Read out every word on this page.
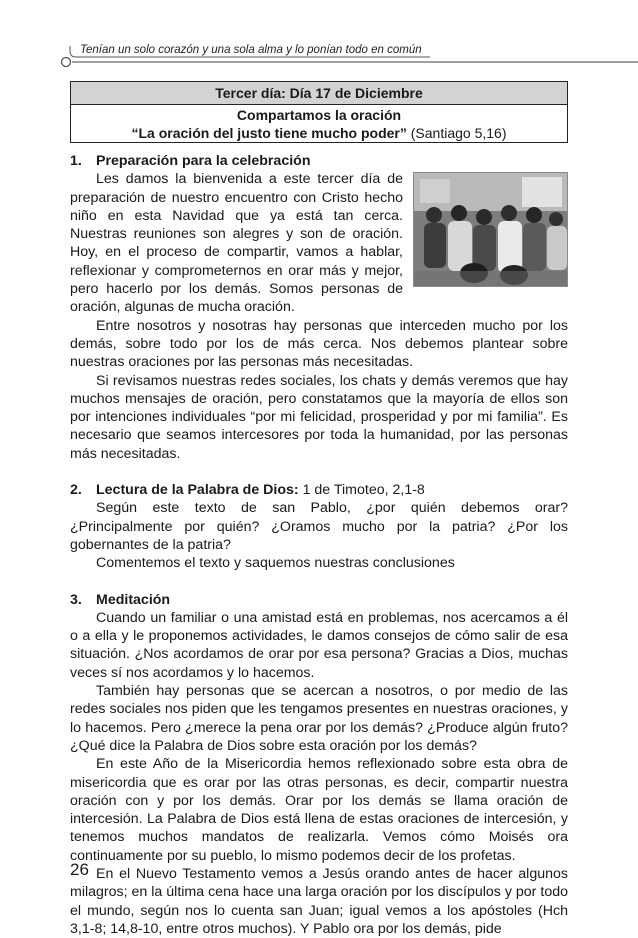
Tenían un solo corazón y una sola alma y lo ponían todo en común
Tercer día: Día 17 de Diciembre
Compartamos la oración
“La oración del justo tiene mucho poder” (Santiago 5,16)
1. Preparación para la celebración

Les damos la bienvenida a este tercer día de preparación de nuestro encuentro con Cristo hecho niño en esta Navidad que ya está tan cerca. Nuestras reuniones son alegres y son de oración. Hoy, en el proceso de compartir, vamos a hablar, reflexionar y comprometernos en orar más y mejor, pero hacerlo por los demás. Somos personas de oración, algunas de mucha oración.

Entre nosotros y nosotras hay personas que interceden mucho por los demás, sobre todo por los de más cerca. Nos debemos plantear sobre nuestras oraciones por las personas más necesitadas.

Si revisamos nuestras redes sociales, los chats y demás veremos que hay muchos mensajes de oración, pero constatamos que la mayoría de ellos son por intenciones individuales “por mi felicidad, prosperidad y por mi familia”. Es necesario que seamos intercesores por toda la humanidad, por las personas más necesitadas.

2. Lectura de la Palabra de Dios: 1 de Timoteo, 2,1-8

Según este texto de san Pablo, ¿por quién debemos orar? ¿Principalmente por quién? ¿Oramos mucho por la patria? ¿Por los gobernantes de la patria?

Comentemos el texto y saquemos nuestras conclusiones

3. Meditación

Cuando un familiar o una amistad está en problemas, nos acercamos a él o a ella y le proponemos actividades, le damos consejos de cómo salir de esa situación. ¿Nos acordamos de orar por esa persona? Gracias a Dios, muchas veces sí nos acordamos y lo hacemos.

También hay personas que se acercan a nosotros, o por medio de las redes sociales nos piden que les tengamos presentes en nuestras oraciones, y lo hacemos. Pero ¿merece la pena orar por los demás? ¿Produce algún fruto? ¿Qué dice la Palabra de Dios sobre esta oración por los demás?

En este Año de la Misericordia hemos reflexionado sobre esta obra de misericordia que es orar por las otras personas, es decir, compartir nuestra oración con y por los demás. Orar por los demás se llama oración de intercesión. La Palabra de Dios está llena de estas oraciones de intercesión, y tenemos muchos mandatos de realizarla. Vemos cómo Moisés ora continuamente por su pueblo, lo mismo podemos decir de los profetas.

En el Nuevo Testamento vemos a Jesús orando antes de hacer algunos milagros; en la última cena hace una larga oración por los discípulos y por todo el mundo, según nos lo cuenta san Juan; igual vemos a los apóstoles (Hch 3,1-8; 14,8-10, entre otros muchos). Y Pablo ora por los demás, pide

26
